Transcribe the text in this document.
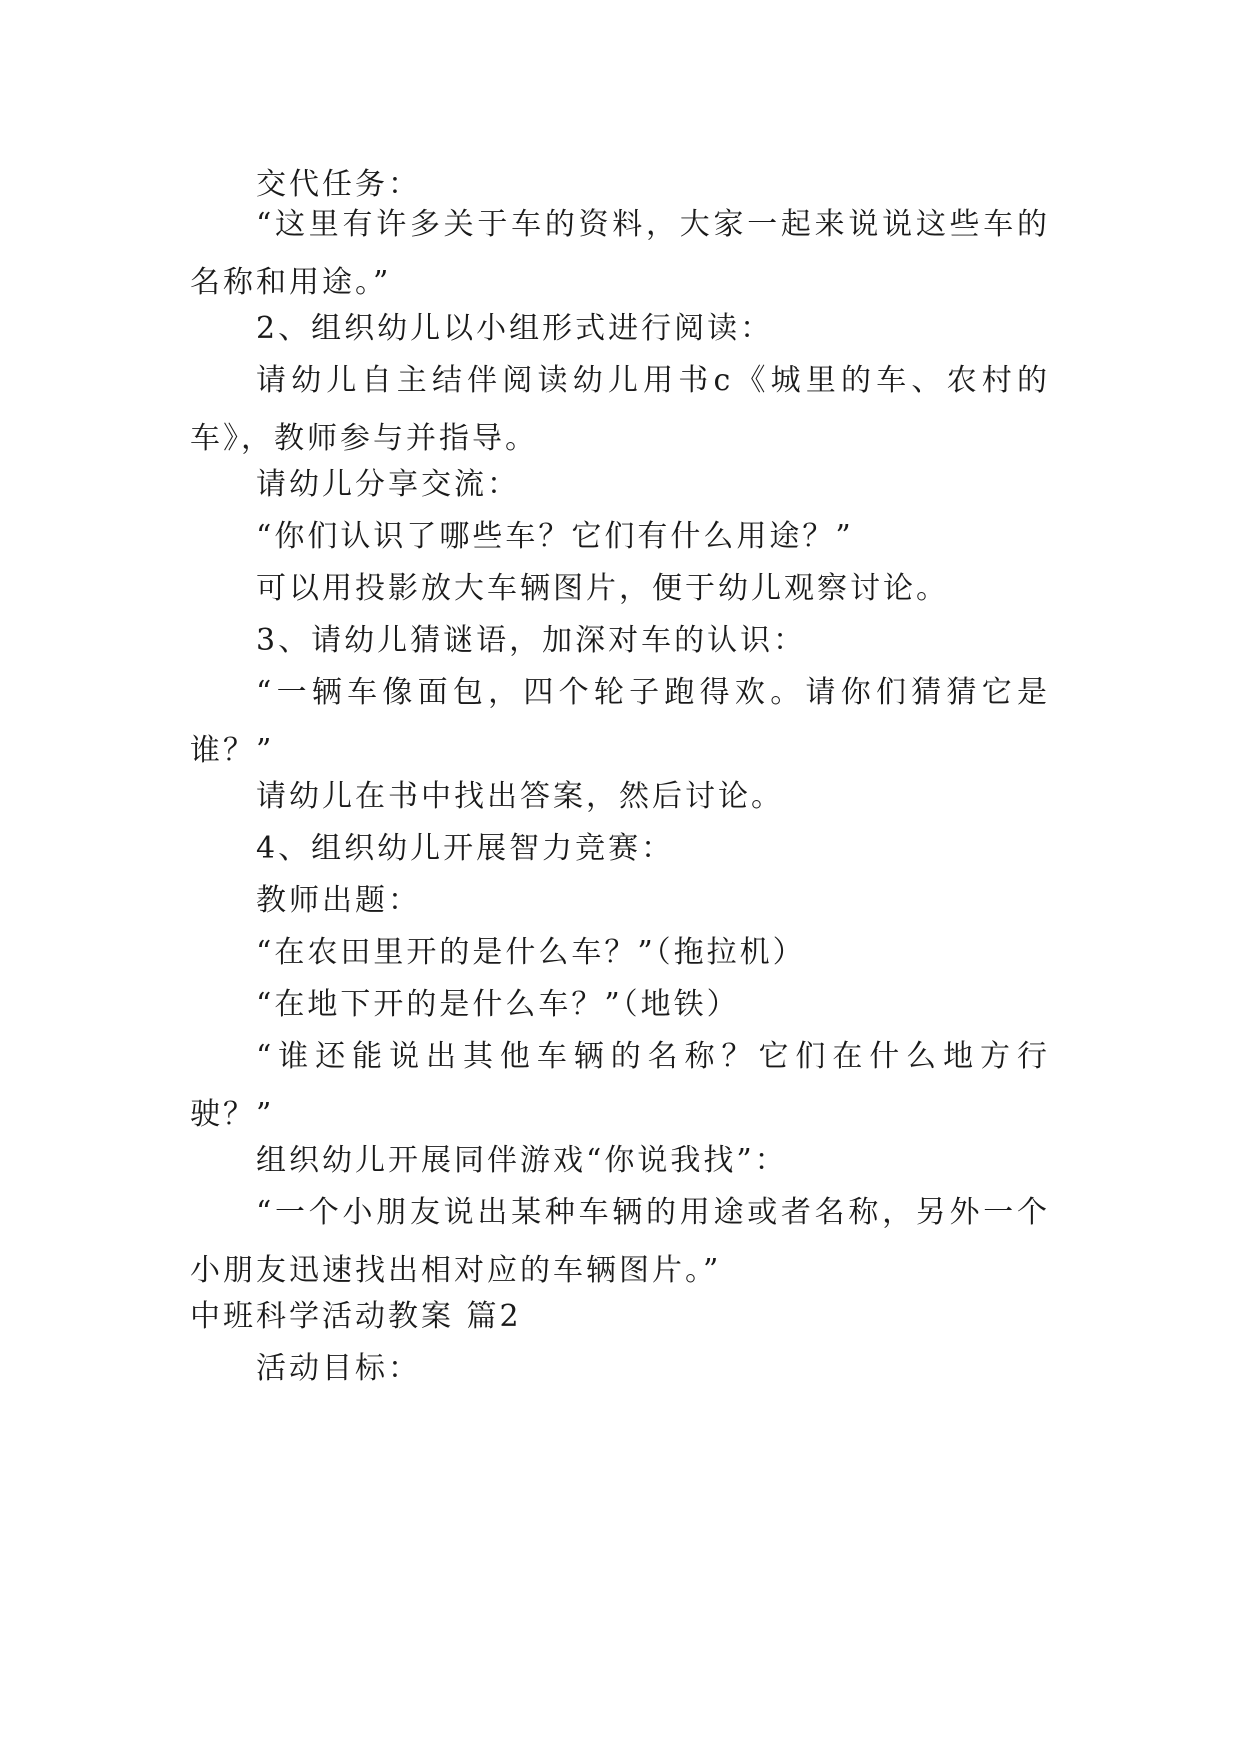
交代任务：

“这里有许多关于车的资料，大家一起来说说这些车的名称和用途。”

2、组织幼儿以小组形式进行阅读：

请幼儿自主结伴阅读幼儿用书c《城里的车、农村的车》，教师参与并指导。

请幼儿分享交流：

“你们认识了哪些车？它们有什么用途？”

可以用投影放大车辆图片，便于幼儿观察讨论。

3、请幼儿猜谜语，加深对车的认识：

“一辆车像面包，四个轮子跑得欢。请你们猜猜它是谁？”

请幼儿在书中找出答案，然后讨论。

4、组织幼儿开展智力竞赛：

教师出题：

“在农田里开的是什么车？”（拖拉机）

“在地下开的是什么车？”（地铁）

“谁还能说出其他车辆的名称？它们在什么地方行驶？”

组织幼儿开展同伴游戏“你说我找”：

“一个小朋友说出某种车辆的用途或者名称，另外一个小朋友迅速找出相对应的车辆图片。”

中班科学活动教案 篇2

活动目标：
